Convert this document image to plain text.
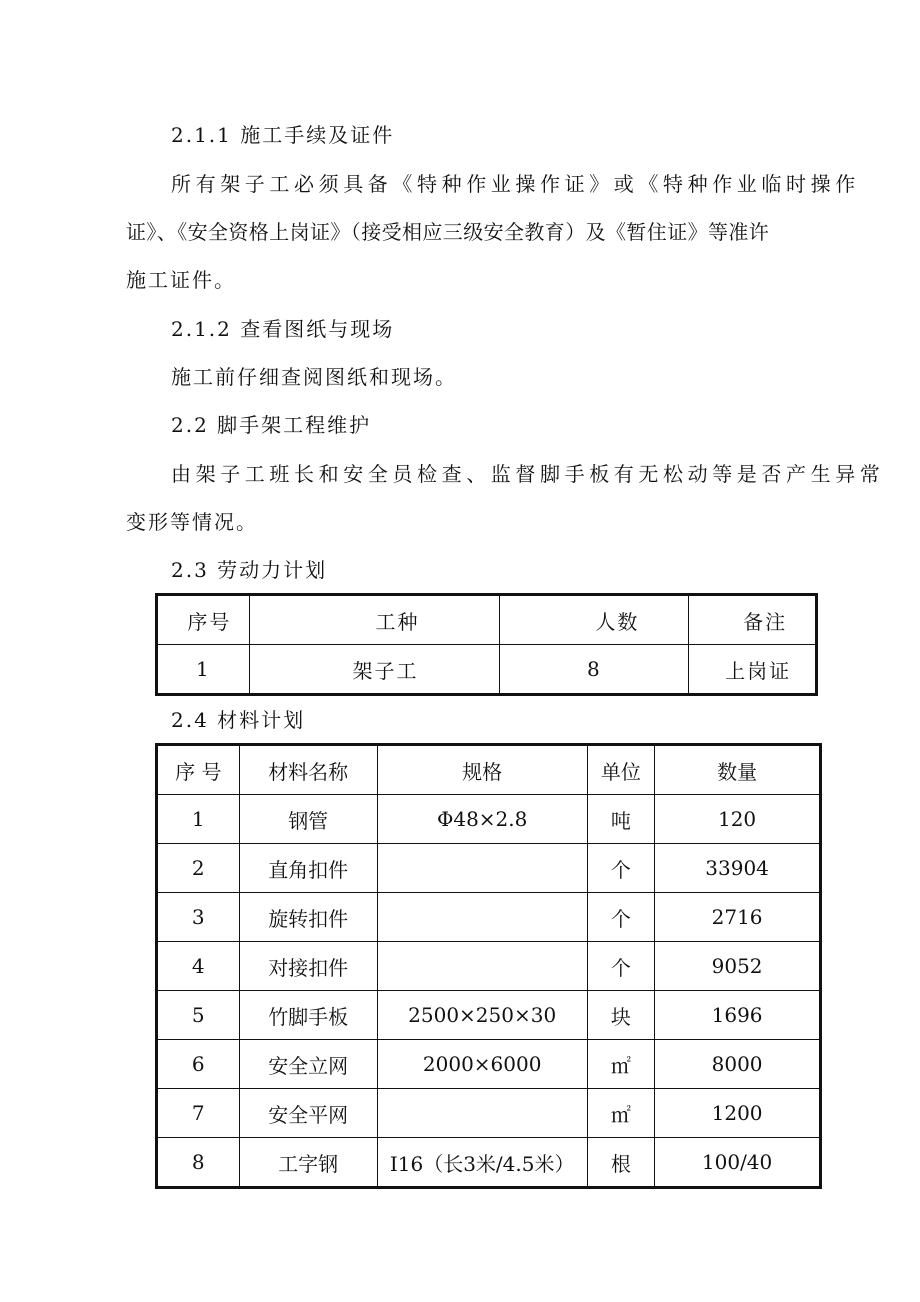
2.1.1 施工手续及证件
所有架子工必须具备《特种作业操作证》或《特种作业临时操作
证》、《安全资格上岗证》（接受相应三级安全教育）及《暂住证》等准许
施工证件。
2.1.2 查看图纸与现场
施工前仔细查阅图纸和现场。
2.2 脚手架工程维护
由架子工班长和安全员检查、监督脚手板有无松动等是否产生异常
变形等情况。
2.3 劳动力计划
序号	工种	人数	备注
1	架子工	8	上岗证
2.4 材料计划
序 号	材料名称	规格	单位	数量
1	钢管	Φ48×2.8	吨	120
2	直角扣件		个	33904
3	旋转扣件		个	2716
4	对接扣件		个	9052
5	竹脚手板	2500×250×30	块	1696
6	安全立网	2000×6000	㎡	8000
7	安全平网		㎡	1200
8	工字钢	I16（长3米/4.5米）	根	100/40
